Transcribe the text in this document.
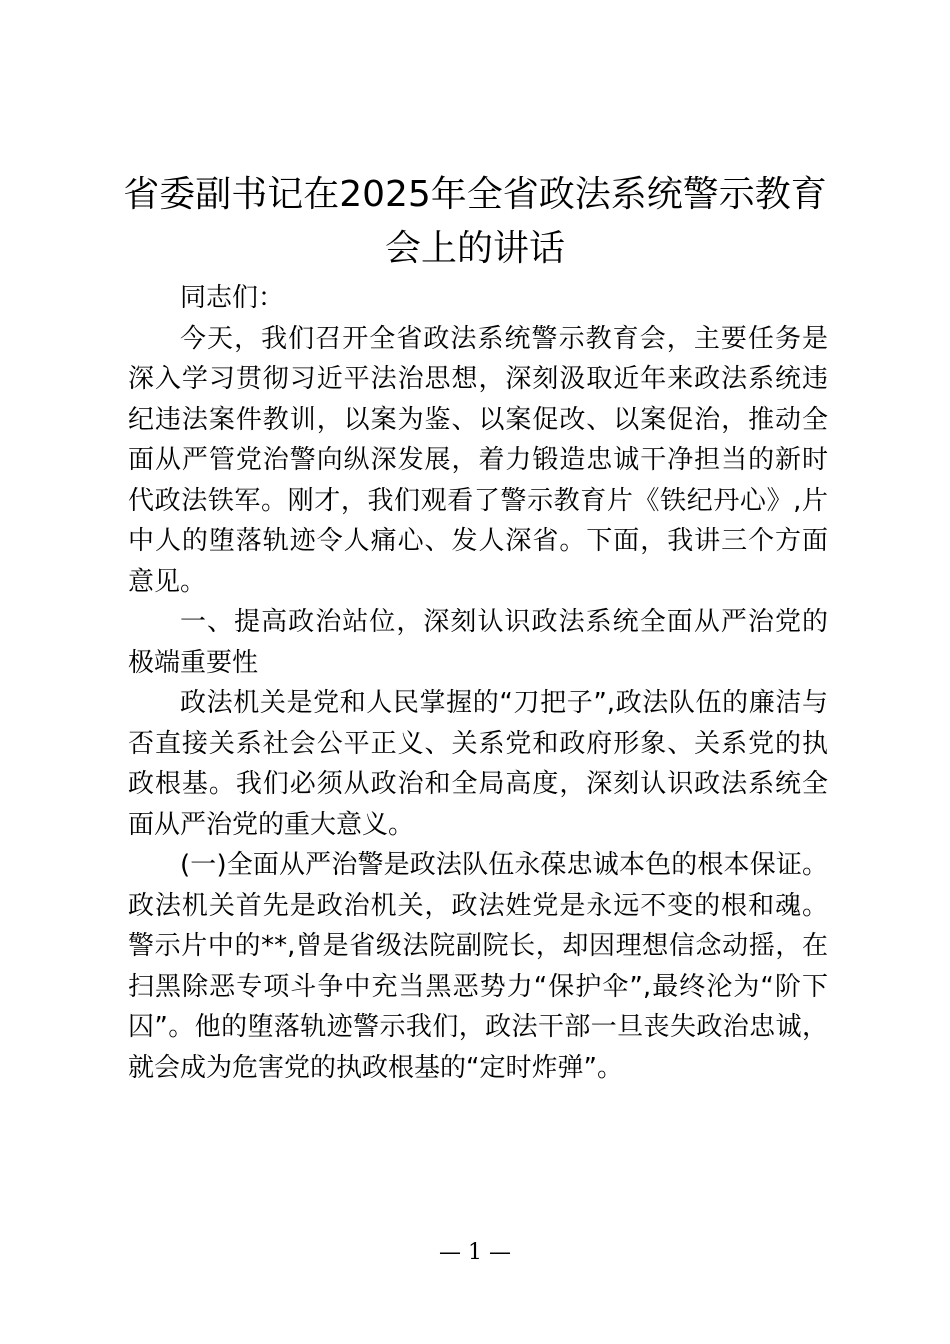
省委副书记在2025年全省政法系统警示教育会上的讲话

同志们：

今天，我们召开全省政法系统警示教育会，主要任务是深入学习贯彻习近平法治思想，深刻汲取近年来政法系统违纪违法案件教训，以案为鉴、以案促改、以案促治，推动全面从严管党治警向纵深发展，着力锻造忠诚干净担当的新时代政法铁军。刚才，我们观看了警示教育片《铁纪丹心》,片中人的堕落轨迹令人痛心、发人深省。下面，我讲三个方面意见。

一、提高政治站位，深刻认识政法系统全面从严治党的极端重要性

政法机关是党和人民掌握的“刀把子”,政法队伍的廉洁与否直接关系社会公平正义、关系党和政府形象、关系党的执政根基。我们必须从政治和全局高度，深刻认识政法系统全面从严治党的重大意义。

(一)全面从严治警是政法队伍永葆忠诚本色的根本保证。政法机关首先是政治机关，政法姓党是永远不变的根和魂。警示片中的**,曾是省级法院副院长，却因理想信念动摇，在扫黑除恶专项斗争中充当黑恶势力“保护伞”,最终沦为“阶下囚”。他的堕落轨迹警示我们，政法干部一旦丧失政治忠诚，就会成为危害党的执政根基的“定时炸弹”。

— 1 —
